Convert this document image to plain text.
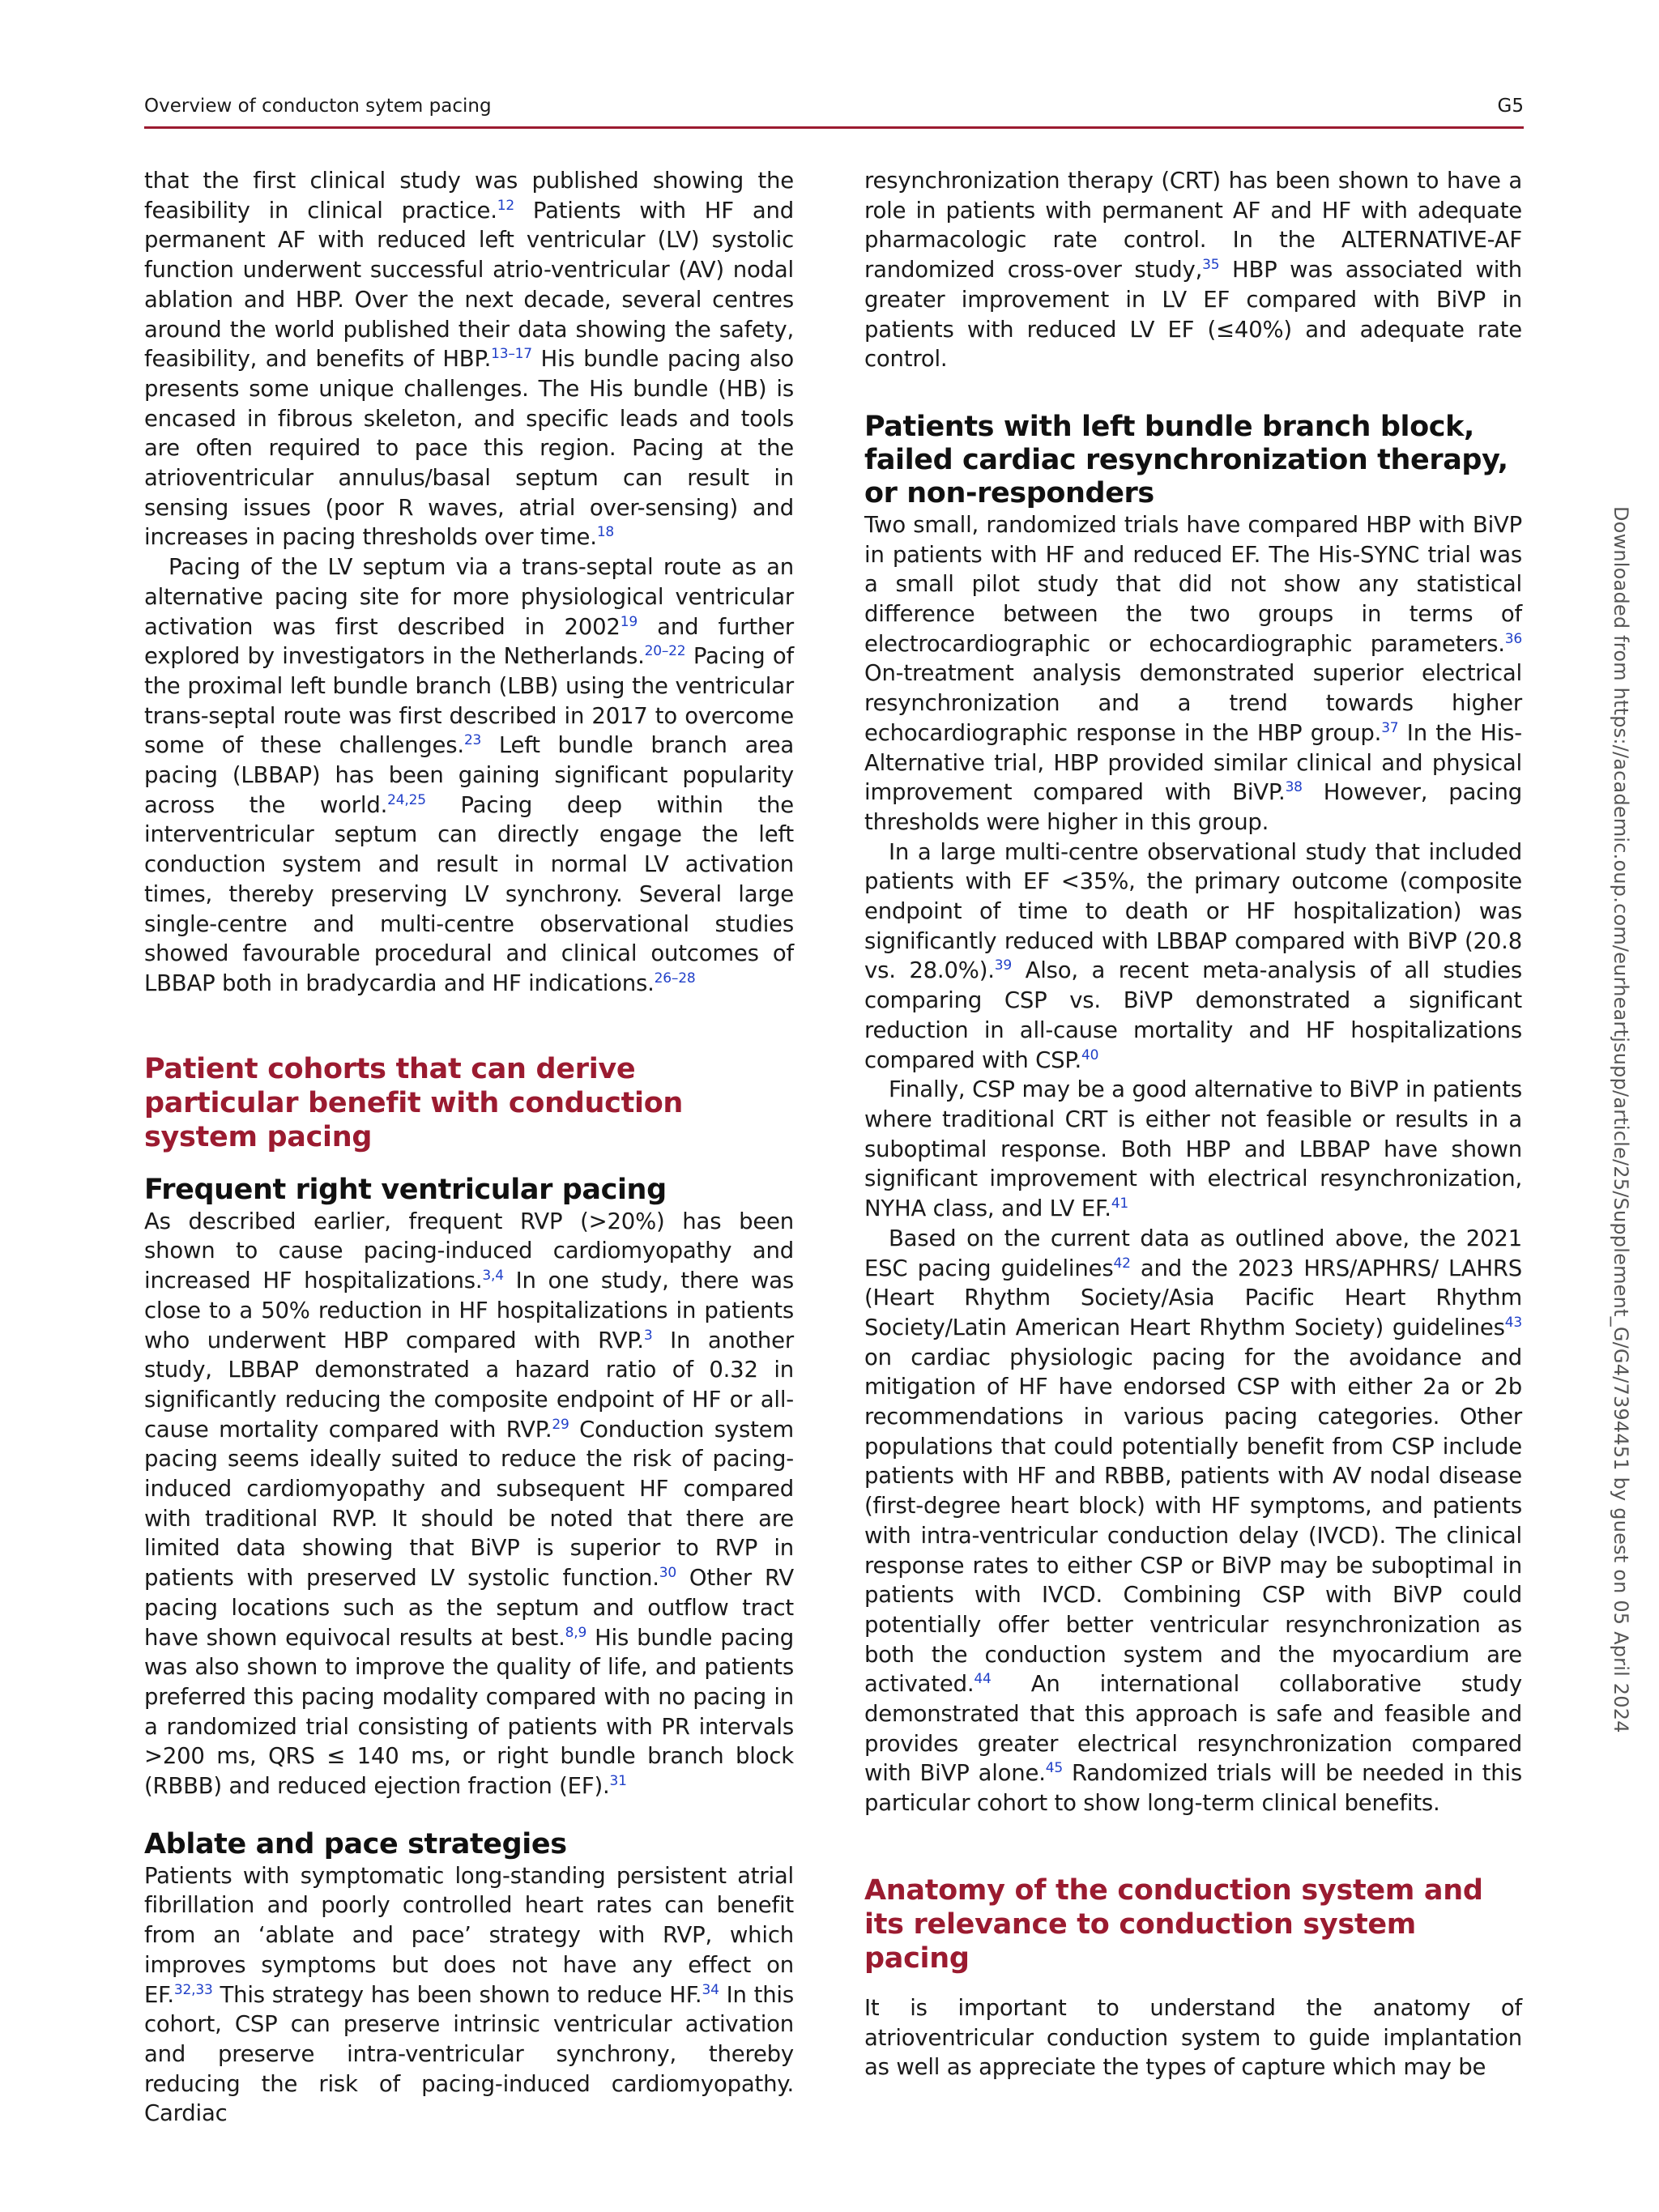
Overview of conducton sytem pacing	G5

that the first clinical study was published showing the feasibility in clinical practice.$^{12}$ Patients with HF and permanent AF with reduced left ventricular (LV) systolic function underwent successful atrio-ventricular (AV) nodal ablation and HBP. Over the next decade, several centres around the world published their data showing the safety, feasibility, and benefits of HBP.$^{13-17}$ His bundle pacing also presents some unique challenges. The His bundle (HB) is encased in fibrous skeleton, and specific leads and tools are often required to pace this region. Pacing at the atrioventricular annulus/basal septum can result in sensing issues (poor R waves, atrial over-sensing) and increases in pacing thresholds over time.$^{18}$

Pacing of the LV septum via a trans-septal route as an alternative pacing site for more physiological ventricular activation was first described in 2002$^{19}$ and further explored by investigators in the Netherlands.$^{20-22}$ Pacing of the proximal left bundle branch (LBB) using the ventricular trans-septal route was first described in 2017 to overcome some of these challenges.$^{23}$ Left bundle branch area pacing (LBBAP) has been gaining significant popularity across the world.$^{24,25}$ Pacing deep within the interventricular septum can directly engage the left conduction system and result in normal LV activation times, thereby preserving LV synchrony. Several large single-centre and multi-centre observational studies showed favourable procedural and clinical outcomes of LBBAP both in bradycardia and HF indications.$^{26-28}$

Patient cohorts that can derive particular benefit with conduction system pacing
Frequent right ventricular pacing

As described earlier, frequent RVP (>20%) has been shown to cause pacing-induced cardiomyopathy and increased HF hospitalizations.$^{3,4}$ In one study, there was close to a 50% reduction in HF hospitalizations in patients who underwent HBP compared with RVP.$^3$ In another study, LBBAP demonstrated a hazard ratio of 0.32 in significantly reducing the composite endpoint of HF or all-cause mortality compared with RVP.$^{29}$ Conduction system pacing seems ideally suited to reduce the risk of pacing-induced cardiomyopathy and subsequent HF compared with traditional RVP. It should be noted that there are limited data showing that BiVP is superior to RVP in patients with preserved LV systolic function.$^{30}$ Other RV pacing locations such as the septum and outflow tract have shown equivocal results at best.$^{8,9}$ His bundle pacing was also shown to improve the quality of life, and patients preferred this pacing modality compared with no pacing in a randomized trial consisting of patients with PR intervals >200 ms, QRS ≤ 140 ms, or right bundle branch block (RBBB) and reduced ejection fraction (EF).$^{31}$

Ablate and pace strategies

Patients with symptomatic long-standing persistent atrial fibrillation and poorly controlled heart rates can benefit from an ‘ablate and pace’ strategy with RVP, which improves symptoms but does not have any effect on EF.$^{32,33}$ This strategy has been shown to reduce HF.$^{34}$ In this cohort, CSP can preserve intrinsic ventricular activation and preserve intra-ventricular synchrony, thereby reducing the risk of pacing-induced cardiomyopathy. Cardiac

resynchronization therapy (CRT) has been shown to have a role in patients with permanent AF and HF with adequate pharmacologic rate control. In the ALTERNATIVE-AF randomized cross-over study,$^{35}$ HBP was associated with greater improvement in LV EF compared with BiVP in patients with reduced LV EF (≤40%) and adequate rate control.

Patients with left bundle branch block, failed cardiac resynchronization therapy, or non-responders

Two small, randomized trials have compared HBP with BiVP in patients with HF and reduced EF. The His-SYNC trial was a small pilot study that did not show any statistical difference between the two groups in terms of electrocardiographic or echocardiographic parameters.$^{36}$ On-treatment analysis demonstrated superior electrical resynchronization and a trend towards higher echocardiographic response in the HBP group.$^{37}$ In the His-Alternative trial, HBP provided similar clinical and physical improvement compared with BiVP.$^{38}$ However, pacing thresholds were higher in this group.

In a large multi-centre observational study that included patients with EF <35%, the primary outcome (composite endpoint of time to death or HF hospitalization) was significantly reduced with LBBAP compared with BiVP (20.8 vs. 28.0%).$^{39}$ Also, a recent meta-analysis of all studies comparing CSP vs. BiVP demonstrated a significant reduction in all-cause mortality and HF hospitalizations compared with CSP.$^{40}$

Finally, CSP may be a good alternative to BiVP in patients where traditional CRT is either not feasible or results in a suboptimal response. Both HBP and LBBAP have shown significant improvement with electrical resynchronization, NYHA class, and LV EF.$^{41}$

Based on the current data as outlined above, the 2021 ESC pacing guidelines$^{42}$ and the 2023 HRS/APHRS/ LAHRS (Heart Rhythm Society/Asia Pacific Heart Rhythm Society/Latin American Heart Rhythm Society) guidelines$^{43}$ on cardiac physiologic pacing for the avoidance and mitigation of HF have endorsed CSP with either 2a or 2b recommendations in various pacing categories. Other populations that could potentially benefit from CSP include patients with HF and RBBB, patients with AV nodal disease (first-degree heart block) with HF symptoms, and patients with intra-ventricular conduction delay (IVCD). The clinical response rates to either CSP or BiVP may be suboptimal in patients with IVCD. Combining CSP with BiVP could potentially offer better ventricular resynchronization as both the conduction system and the myocardium are activated.$^{44}$ An international collaborative study demonstrated that this approach is safe and feasible and provides greater electrical resynchronization compared with BiVP alone.$^{45}$ Randomized trials will be needed in this particular cohort to show long-term clinical benefits.

Anatomy of the conduction system and its relevance to conduction system pacing

It is important to understand the anatomy of atrioventricular conduction system to guide implantation as well as appreciate the types of capture which may be

Downloaded from https://academic.oup.com/eurheartjsupp/article/25/Supplement_G/G4/7394451 by guest on 05 April 2024
